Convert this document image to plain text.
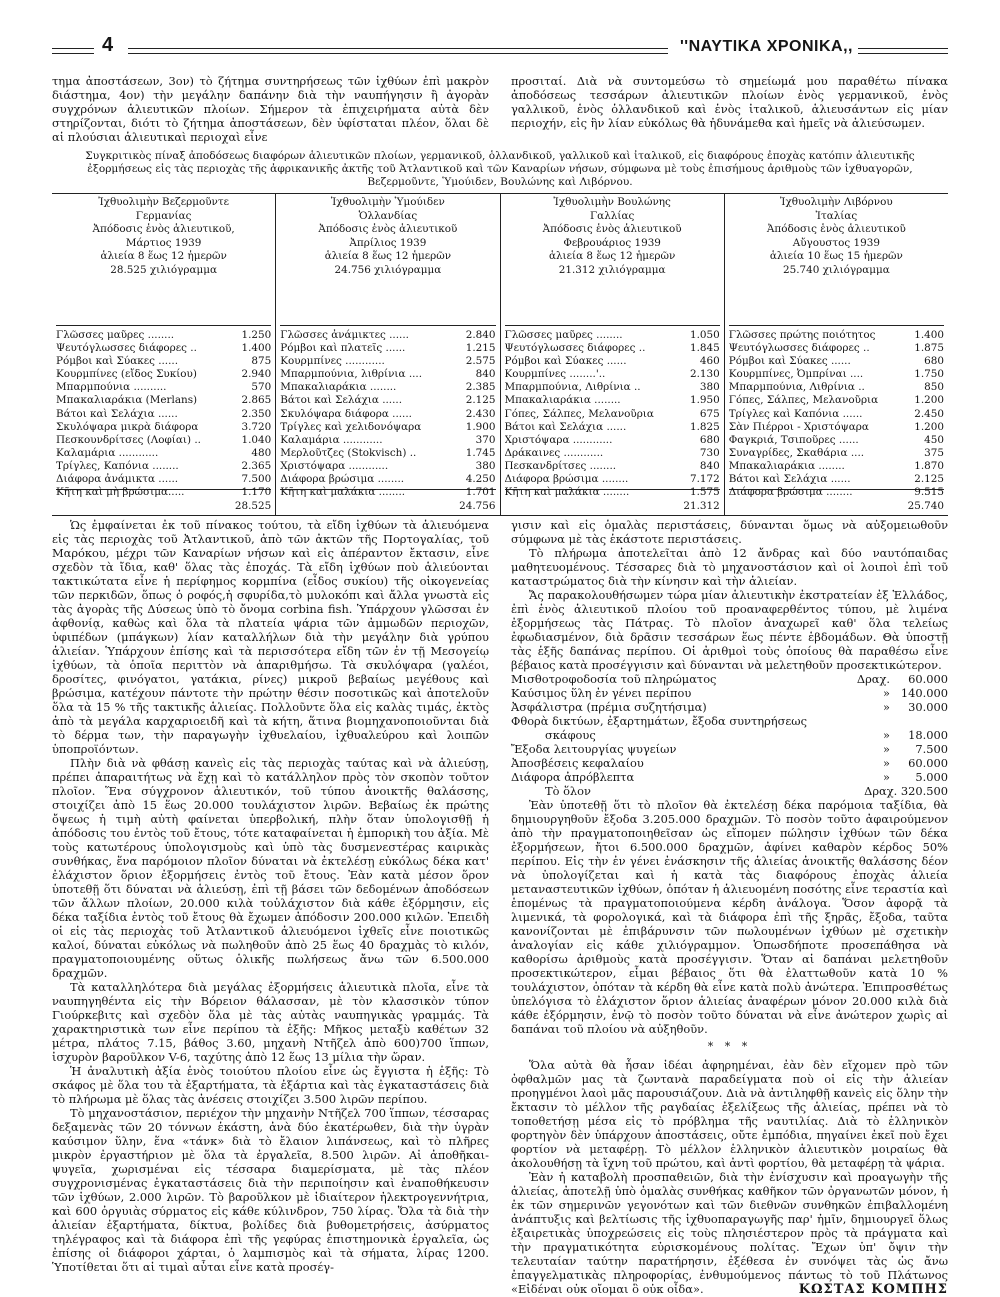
4	''ΝΑΥΤΙΚΑ ΧΡΟΝΙΚΑ,,

τημα ἀποστάσεων, 3ον) τὸ ζήτημα συντηρήσεως τῶν ἰχθύων ἐπὶ μακρὸν διάστημα, 4ον) τὴν μεγάλην δαπάνην διὰ τὴν ναυπήγησιν ἢ ἀγορὰν συγχρόνων ἁλιευτικῶν πλοίων. Σήμερον τὰ ἐπιχειρήματα αὐτὰ δὲν στηρίζονται, διότι τὸ ζήτημα ἀποστάσεων, δὲν ὑφίσταται πλέον, ὅλαι δὲ αἱ πλούσιαι ἁλιευτικαὶ περιοχαὶ εἶνε

προσιταί. Διὰ νὰ συντομεύσω τὸ σημείωμά μου παραθέτω πίνακα ἀποδόσεως τεσσάρων ἁλιευτικῶν πλοίων ἑνὸς γερμανικοῦ, ἑνὸς γαλλικοῦ, ἑνὸς ὁλλανδικοῦ καὶ ἑνὸς ἰταλικοῦ, ἁλιευσάντων εἰς μίαν περιοχήν, εἰς ἣν λίαν εὐκόλως θὰ ἠδυνάμεθα καὶ ἡμεῖς νὰ ἁλιεύσωμεν.

Συγκριτικὸς πίναξ ἀποδόσεως διαφόρων ἁλιευτικῶν πλοίων, γερμανικοῦ, ὁλλανδικοῦ, γαλλικοῦ καὶ ἰταλικοῦ, εἰς διαφόρους ἐποχὰς κατόπιν ἁλιευτικῆς ἐξορμήσεως εἰς τὰς περιοχὰς τῆς ἀφρικανικῆς ἀκτῆς τοῦ Ἀτλαντικοῦ καὶ τῶν Καναρίων νήσων, σύμφωνα μὲ τοὺς ἐπισήμους ἀριθμοὺς τῶν ἰχθυαγορῶν, Βεζερμοῦντε, Ὑμούιδεν, Βουλώνης καὶ Λιβόρνου.

Ἰχθυολιμὴν Βεζερμοῦντε
Γερμανίας
Ἀπόδοσις ἑνὸς ἁλιευτικοῦ,
Μάρτιος 1939
ἁλιεία 8 ἕως 12 ἡμερῶν
28.525 χιλιόγραμμα
Γλῶσσες μαῦρες ........	1.250
Ψευτόγλωσσες διάφορες ..	1.400
Ρόμβοι καὶ Σύακες ......	875
Κουρμπίνες (εἴδος Συκίου)	2.940
Μπαρμπούνια ..........	570
Μπακαλιαράκια (Merlans)	2.865
Βάτοι καὶ Σελάχια ......	2.350
Σκυλόψαρα μικρὰ διάφορα	3.720
Πεσκουνδρίτσες (Λοφίαι) ..	1.040
Καλαμάρια ............	480
Τρίγλες, Καπόνια ........	2.365
Διάφορα ἀνάμικτα ......	7.500
Κῆτη καὶ μὴ βρώσιμα.....	1.170
28.525
Ἰχθυολιμὴν Ὑμούιδεν
Ὁλλανδίας
Ἀπόδοσις ἑνὸς ἁλιευτικοῦ
Ἀπρίλιος 1939
ἁλιεία 8 ἕως 12 ἡμερῶν
24.756 χιλιόγραμμα
Γλῶσσες ἀνάμικτες ......	2.840
Ρόμβοι καὶ πλατεῖς ......	1.215
Κουρμπίνες ............	2.575
Μπαρμπούνια, λιθρίνια ....	840
Μπακαλιαράκια ........	2.385
Βάτοι καὶ Σελάχια ......	2.125
Σκυλόψαρα διάφορα ......	2.430
Τρίγλες καὶ χελιδονόψαρα	1.900
Καλαμάρια ............	370
Μερλοῦτζες (Stokvisch) ..	1.745
Χριστόψαρα ............	380
Διάφορα βρώσιμα ........	4.250
Κῆτη καὶ μαλάκια ........	1.701
24.756
Ἰχθυολιμὴν Βουλώνης
Γαλλίας
Ἀπόδοσις ἑνὸς ἁλιευτικοῦ
Φεβρουάριος 1939
ἁλιεία 8 ἕως 12 ἡμερῶν
21.312 χιλιόγραμμα
Γλῶσσες μαῦρες ........	1.050
Ψευτόγλωσσες διάφορες ..	1.845
Ρόμβοι καὶ Σύακες ......	460
Κουρμπίνες ........'..	2.130
Μπαρμπούνια, Λιθρίνια ..	380
Μπακαλιαράκια ........	1.950
Γόπες, Σάλπες, Μελανοῦρια	675
Βάτοι καὶ Σελάχια ......	1.825
Χριστόψαρα ............	680
Δράκαινες ............	730
Πεσκανδρίτσες ........	840
Διάφορα βρώσιμα ........	7.172
Κῆτη καὶ μαλάκια ........	1.575
21.312
Ἰχθυολιμὴν Λιβόρνου
Ἰταλίας
Ἀπόδοσις ἑνὸς ἁλιευτικοῦ
Αὔγουστος 1939
ἁλιεία 10 ἕως 15 ἡμερῶν
25.740 χιλιόγραμμα
Γλῶσσες πρώτης ποιότητος	1.400
Ψευτόγλωσσες διάφορες ..	1.875
Ρόμβοι καὶ Σύακες ......	680
Κουρμπίνες, Ὀμπρίναι ....	1.750
Μπαρμπούνια, Λιθρίνια ..	850
Γόπες, Σάλπες, Μελανοῦρια	1.200
Τρίγλες καὶ Καπόνια ......	2.450
Σὰν Πιέρροι - Χριστόψαρα	1.200
Φαγκριά, Τσιποῦρες ......	450
Συναγρίδες, Σκαθάρια ....	375
Μπακαλιαράκια ........	1.870
Βάτοι καὶ Σελάχια ......	2.125
Διάφορα βρώσιμα ........	9.515
25.740

Ὡς ἐμφαίνεται ἐκ τοῦ πίνακος τούτου, τὰ εἴδη ἰχθύων τὰ ἁλιευόμενα εἰς τὰς περιοχὰς τοῦ Ἀτλαντικοῦ, ἀπὸ τῶν ἀκτῶν τῆς Πορτογαλίας, τοῦ Μαρόκου, μέχρι τῶν Καναρίων νήσων καὶ εἰς ἀπέραντον ἔκτασιν, εἶνε σχεδὸν τὰ ἴδια, καθ' ὅλας τὰς ἐποχάς. Τὰ εἴδη ἰχθύων ποὺ ἁλιεύονται τακτικώτατα εἶνε ἡ περίφημος κορμπίνα (εἶδος συκίου) τῆς οἰκογενείας τῶν περκιδῶν, ὅπως ὁ ροφός,ἡ σφυρίδα,τὸ μυλοκόπι καὶ ἄλλα γνωστὰ εἰς τὰς ἀγορὰς τῆς Δύσεως ὑπὸ τὸ ὄνομα corbina fish. Ὑπάρχουν γλῶσσαι ἐν ἀφθονίᾳ, καθὼς καὶ ὅλα τὰ πλατεία ψάρια τῶν ἀμμωδῶν περιοχῶν, ὑφιπέδων (μπάγκων) λίαν καταλλήλων διὰ τὴν μεγάλην διὰ γρύπου ἁλιείαν. Ὑπάρχουν ἐπίσης καὶ τὰ περισσότερα εἴδη τῶν ἐν τῇ Μεσογείῳ ἰχθύων, τὰ ὁποῖα περιττὸν νὰ ἀπαριθμήσω. Τὰ σκυλόψαρα (γαλέοι, δροσίτες, φινόγατοι, γατάκια, ρίνες) μικροῦ βεβαίως μεγέθους καὶ βρώσιμα, κατέχουν πάντοτε τὴν πρώτην θέσιν ποσοτικῶς καὶ ἀποτελοῦν ὅλα τὰ 15 % τῆς τακτικῆς ἁλιείας. Πολλοῦντε ὅλα εἰς καλὰς τιμάς, ἐκτὸς ἀπὸ τὰ μεγάλα καρχαριοειδῆ καὶ τὰ κήτη, ἅτινα βιομηχανοποιοῦνται διὰ τὸ δέρμα των, τὴν παραγωγὴν ἰχθυελαίου, ἰχθυαλεύρου καὶ λοιπῶν ὑποπροϊόντων.

Πλὴν διὰ νὰ φθάσῃ κανεὶς εἰς τὰς περιοχὰς ταύτας καὶ νὰ ἁλιεύσῃ, πρέπει ἀπαραιτήτως νὰ ἔχῃ καὶ τὸ κατάλληλον πρὸς τὸν σκοπὸν τοῦτον πλοῖον. Ἕνα σύγχρονον ἁλιευτικόν, τοῦ τύπου ἀνοικτῆς θαλάσσης, στοιχίζει ἀπὸ 15 ἕως 20.000 τουλάχιστον λιρῶν. Βεβαίως ἐκ πρώτης ὄψεως ἡ τιμὴ αὐτὴ φαίνεται ὑπερβολική, πλὴν ὅταν ὑπολογισθῇ ἡ ἀπόδοσις του ἐντὸς τοῦ ἔτους, τότε καταφαίνεται ἡ ἐμπορικὴ του ἀξία. Μὲ τοὺς κατωτέρους ὑπολογισμοὺς καὶ ὑπὸ τὰς δυσμενεστέρας καιρικὰς συνθήκας, ἕνα παρόμοιον πλοῖον δύναται νὰ ἐκτελέσῃ εὐκόλως δέκα κατ' ἐλάχιστον ὅριον ἐξορμήσεις ἐντὸς τοῦ ἔτους. Ἐὰν κατὰ μέσον ὅρον ὑποτεθῇ ὅτι δύναται νὰ ἁλιεύσῃ, ἐπὶ τῇ βάσει τῶν δεδομένων ἀποδόσεων τῶν ἄλλων πλοίων, 20.000 κιλὰ τοὐλάχιστον διὰ κάθε ἐξόρμησιν, εἰς δέκα ταξίδια ἐντὸς τοῦ ἔτους θὰ ἔχωμεν ἀπόδοσιν 200.000 κιλῶν. Ἐπειδὴ οἱ εἰς τὰς περιοχὰς τοῦ Ἀτλαντικοῦ ἁλιευόμενοι ἰχθεῖς εἶνε ποιοτικῶς καλοί, δύναται εὐκόλως νὰ πωληθοῦν ἀπὸ 25 ἕως 40 δραχμὰς τὸ κιλόν, πραγματοποιουμένης οὕτως ὁλικῆς πωλήσεως ἄνω τῶν 6.500.000 δραχμῶν.

Τὰ καταλληλότερα διὰ μεγάλας ἐξορμήσεις ἁλιευτικὰ πλοῖα, εἶνε τὰ ναυπηγηθέντα εἰς τὴν Βόρειον θάλασσαν, μὲ τὸν κλασσικὸν τύπον Γιούρκεβιτς καὶ σχεδὸν ὅλα μὲ τὰς αὐτὰς ναυπηγικὰς γραμμάς. Τὰ χαρακτηριστικὰ των εἶνε περίπου τὰ ἑξῆς: Μῆκος μεταξὺ καθέτων 32 μέτρα, πλάτος 7.15, βάθος 3.60, μηχανὴ Ντῆζελ ἀπὸ 600)700 ἵππων, ἰσχυρὸν βαροῦλκον V-6, ταχύτης ἀπὸ 12 ἕως 13 μίλια τὴν ὥραν.

Ἡ ἀναλυτικὴ ἀξία ἑνὸς τοιούτου πλοίου εἶνε ὡς ἔγγιστα ἡ ἑξῆς: Τὸ σκάφος μὲ ὅλα του τὰ ἐξαρτήματα, τὰ ἐξάρτια καὶ τὰς ἐγκαταστάσεις διὰ τὸ πλήρωμα μὲ ὅλας τὰς ἀνέσεις στοιχίζει 3.500 λιρῶν περίπου.

Τὸ μηχανοστάσιον, περιέχον τὴν μηχανὴν Ντῆζελ 700 ἵππων, τέσσαρας δεξαμενὰς τῶν 20 τόννων ἑκάστη, ἀνὰ δύο ἑκατέρωθεν, διὰ τὴν ὑγρὰν καύσιμον ὕλην, ἕνα «τάνκ» διὰ τὸ ἔλαιον λιπάνσεως, καὶ τὸ πλῆρες μικρὸν ἐργαστήριον μὲ ὅλα τὰ ἐργαλεῖα, 8.500 λιρῶν. Αἱ ἀποθῆκαι-ψυγεῖα, χωρισμέναι εἰς τέσσαρα διαμερίσματα, μὲ τὰς πλέον συγχρονισμένας ἐγκαταστάσεις διὰ τὴν περιποίησιν καὶ ἐναποθήκευσιν τῶν ἰχθύων, 2.000 λιρῶν. Τὸ βαροῦλκον μὲ ἰδιαίτερον ἠλεκτρογεννήτρια, καὶ 600 ὀργυιὰς σύρματος εἰς κάθε κύλινδρον, 750 λίρας. Ὅλα τὰ διὰ τὴν ἁλιείαν ἐξαρτήματα, δίκτυα, βολίδες διὰ βυθομετρήσεις, ἀσύρματος τηλέγραφος καὶ τὰ διάφορα ἐπὶ τῆς γεφύρας ἐπιστημονικὰ ἐργαλεῖα, ὡς ἐπίσης οἱ διάφοροι χάρται, ὁ λαμπισμὸς καὶ τὰ σήματα, λίρας 1200. Ὑποτίθεται ὅτι αἱ τιμαὶ αὗται εἶνε κατὰ προσέγ-

γισιν καὶ εἰς ὁμαλὰς περιστάσεις, δύνανται ὅμως νὰ αὐξομειωθοῦν σύμφωνα μὲ τὰς ἑκάστοτε περιστάσεις.

Τὸ πλήρωμα ἀποτελεῖται ἀπὸ 12 ἄνδρας καὶ δύο ναυτόπαιδας μαθητευομένους. Τέσσαρες διὰ τὸ μηχανοστάσιον καὶ οἱ λοιποὶ ἐπὶ τοῦ καταστρώματος διὰ τὴν κίνησιν καὶ τὴν ἁλιείαν.

Ἄς παρακολουθήσωμεν τώρα μίαν ἁλιευτικὴν ἐκστρατείαν ἐξ Ἑλλάδος, ἐπὶ ἑνὸς ἁλιευτικοῦ πλοίου τοῦ προαναφερθέντος τύπου, μὲ λιμένα ἐξορμήσεως τὰς Πάτρας. Τὸ πλοῖον ἀναχωρεῖ καθ' ὅλα τελείως ἐφωδιασμένον, διὰ δρᾶσιν τεσσάρων ἕως πέντε ἑβδομάδων. Θὰ ὑποστῇ τὰς ἑξῆς δαπάνας περίπου. Οἱ ἀριθμοὶ τοὺς ὁποίους θὰ παραθέσω εἶνε βέβαιος κατὰ προσέγγισιν καὶ δύνανται νὰ μελετηθοῦν προσεκτικώτερον.

Μισθοτροφοδοσία τοῦ πληρώματος	Δραχ. 60.000
Καύσιμος ὕλη ἐν γένει περίπου	» 140.000
Ἀσφάλιστρα (πρέμια συζητήσιμα)	» 30.000
Φθορὰ δικτύων, ἐξαρτημάτων, ἔξοδα συντηρήσεως
σκάφους	» 18.000
Ἔξοδα λειτουργίας ψυγείων	» 7.500
Ἀποσβέσεις κεφαλαίου	» 60.000
Διάφορα ἀπρόβλεπτα	» 5.000
Τὸ ὅλον	Δραχ. 320.500

Ἐὰν ὑποτεθῇ ὅτι τὸ πλοῖον θὰ ἐκτελέσῃ δέκα παρόμοια ταξίδια, θὰ δημιουργηθοῦν ἔξοδα 3.205.000 δραχμῶν. Τὸ ποσὸν τοῦτο ἀφαιρούμενον ἀπὸ τὴν πραγματοποιηθεῖσαν ὡς εἴπομεν πώλησιν ἰχθύων τῶν δέκα ἐξορμήσεων, ἤτοι 6.500.000 δραχμῶν, ἀφίνει καθαρὸν κέρδος 50% περίπου. Εἰς τὴν ἐν γένει ἐνάσκησιν τῆς ἁλιείας ἀνοικτῆς θαλάσσης δέον νὰ ὑπολογίζεται καὶ ἡ κατὰ τὰς διαφόρους ἐποχὰς ἁλιεία μεταναστευτικῶν ἰχθύων, ὁπόταν ἡ ἁλιευομένη ποσότης εἶνε τεραστία καὶ ἑπομένως τὰ πραγματοποιούμενα κέρδη ἀνάλογα. Ὅσον ἀφορᾷ τὰ λιμενικά, τὰ φορολογικά, καὶ τὰ διάφορα ἐπὶ τῆς ξηρᾶς, ἔξοδα, ταῦτα κανονίζονται μὲ ἐπιβάρυνσιν τῶν πωλουμένων ἰχθύων μὲ σχετικὴν ἀναλογίαν εἰς κάθε χιλιόγραμμον. Ὁπωσδήποτε προσεπάθησα νὰ καθορίσω ἀριθμοὺς κατὰ προσέγγισιν. Ὅταν αἱ δαπάναι μελετηθοῦν προσεκτικώτερον, εἶμαι βέβαιος ὅτι θὰ ἐλαττωθοῦν κατὰ 10 % τουλάχιστον, ὁπόταν τὰ κέρδη θὰ εἶνε κατὰ πολὺ ἀνώτερα. Ἐπιπροσθέτως ὑπελόγισα τὸ ἐλάχιστον ὅριον ἁλιείας ἀναφέρων μόνον 20.000 κιλὰ διὰ κάθε ἐξόρμησιν, ἐνῷ τὸ ποσὸν τοῦτο δύναται νὰ εἶνε ἀνώτερον χωρὶς αἱ δαπάναι τοῦ πλοίου νὰ αὐξηθοῦν.

* * *

Ὅλα αὐτὰ θὰ ἦσαν ἰδέαι ἀφηρημέναι, ἐὰν δὲν εἴχομεν πρὸ τῶν ὀφθαλμῶν μας τὰ ζωντανὰ παραδείγματα ποὺ οἱ εἰς τὴν ἁλιείαν προηγμένοι λαοὶ μᾶς παρουσιάζουν. Διὰ νὰ ἀντιληφθῇ κανεὶς εἰς ὅλην τὴν ἔκτασιν τὸ μέλλον τῆς ραγδαίας ἐξελίξεως τῆς ἁλιείας, πρέπει νὰ τὸ τοποθετήσῃ μέσα εἰς τὸ πρόβλημα τῆς ναυτιλίας. Διὰ τὸ ἑλληνικὸν φορτηγὸν δὲν ὑπάρχουν ἀποστάσεις, οὔτε ἐμπόδια, πηγαίνει ἐκεῖ ποὺ ἔχει φορτίον νὰ μεταφέρῃ. Τὸ μέλλον ἑλληνικὸν ἁλιευτικὸν μοιραίως θὰ ἀκολουθήσῃ τὰ ἴχνη τοῦ πρώτου, καὶ ἀντὶ φορτίου, θὰ μεταφέρῃ τὰ ψάρια.

Ἐὰν ἡ καταβολὴ προσπαθειῶν, διὰ τὴν ἐνίσχυσιν καὶ προαγωγὴν τῆς ἁλιείας, ἀποτελῇ ὑπὸ ὁμαλὰς συνθήκας καθῆκον τῶν ὀργανωτῶν μόνον, ἡ ἐκ τῶν σημερινῶν γεγονότων καὶ τῶν διεθνῶν συνθηκῶν ἐπιβαλλομένη ἀνάπτυξις καὶ βελτίωσις τῆς ἰχθυοπαραγωγῆς παρ' ἡμῖν, δημιουργεῖ ὅλως ἐξαιρετικὰς ὑποχρεώσεις εἰς τοὺς πλησιέστερον πρὸς τὰ πράγματα καὶ τὴν πραγματικότητα εὐρισκομένους πολίτας. Ἔχων ὑπ' ὄψιν τὴν τελευταίαν ταύτην παρατήρησιν, ἐξέθεσα ἐν συνόψει τὰς ὡς ἄνω ἐπαγγελματικὰς πληροφορίας, ἐνθυμούμενος πάντως τὸ τοῦ Πλάτωνος «Εἰδέναι οὐκ οἴομαι ὃ οὐκ οἶδα».	ΚΩΣΤΑΣ ΚΟΜΠΗΣ
